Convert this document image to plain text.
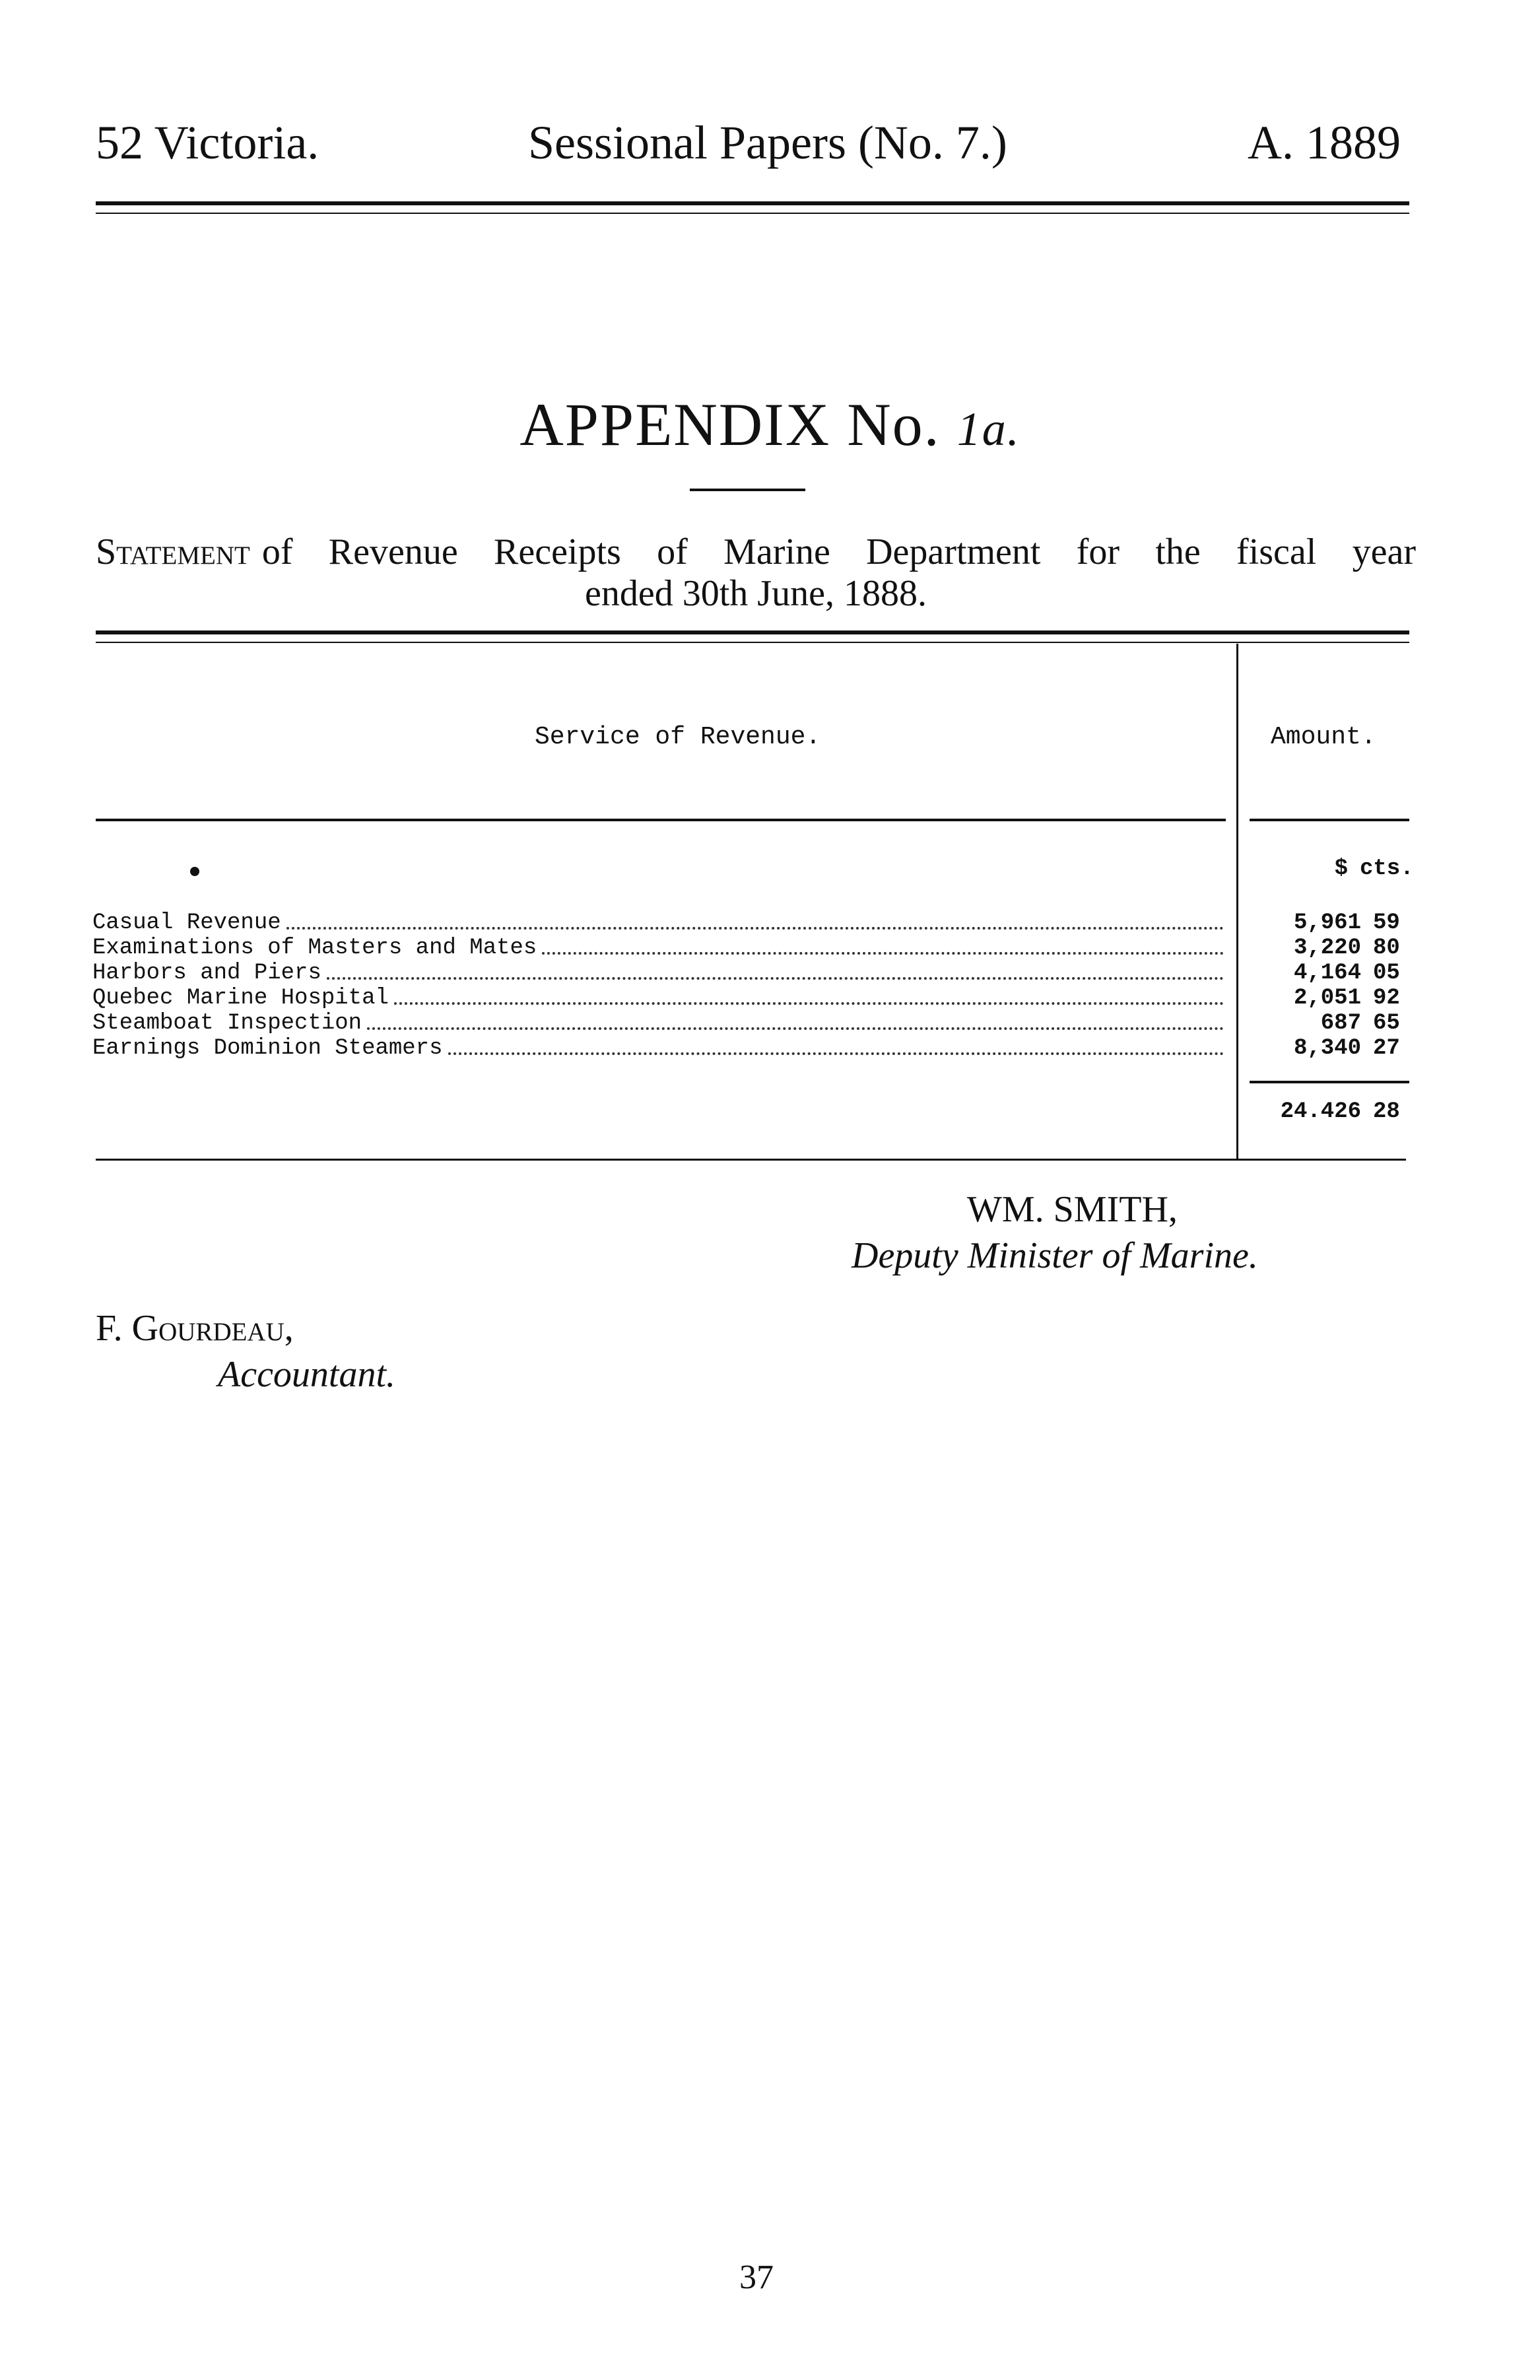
52 Victoria.	Sessional Papers (No. 7.)	A. 1889
APPENDIX No. 1a.
Statement of Revenue Receipts of Marine Department for the fiscal year
ended 30th June, 1888.
Service of Revenue.	Amount.
$ cts.
Casual Revenue	5,961 59
Examinations of Masters and Mates	3,220 80
Harbors and Piers	4,164 05
Quebec Marine Hospital	2,051 92
Steamboat Inspection	687 65
Earnings Dominion Steamers	8,340 27
24.426 28
WM. SMITH,
Deputy Minister of Marine.
F. Gourdeau,
Accountant.
37
